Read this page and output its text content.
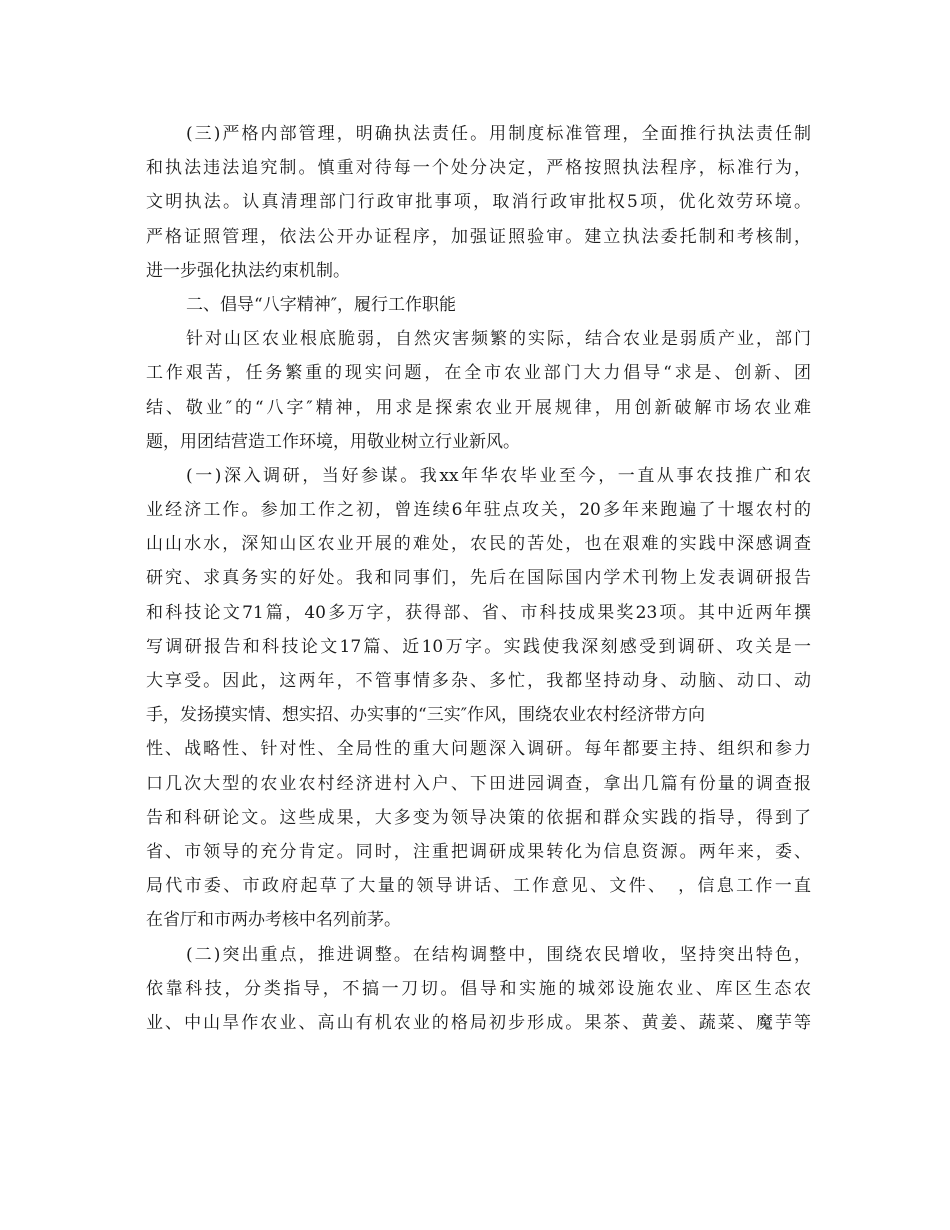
(三)严格内部管理，明确执法责任。用制度标准管理，全面推行执法责任制
和执法违法追究制。慎重对待每一个处分决定，严格按照执法程序，标准行为，
文明执法。认真清理部门行政审批事项，取消行政审批权5项，优化效劳环境。
严格证照管理，依法公开办证程序，加强证照验审。建立执法委托制和考核制，
进一步强化执法约束机制。
二、倡导“八字精神″，履行工作职能
针对山区农业根底脆弱，自然灾害频繁的实际，结合农业是弱质产业，部门
工作艰苦，任务繁重的现实问题，在全市农业部门大力倡导“求是、创新、团
结、敬业″的“八字″精神，用求是探索农业开展规律，用创新破解市场农业难
题，用团结营造工作环境，用敬业树立行业新风。
(一)深入调研，当好参谋。我xx年华农毕业至今，一直从事农技推广和农
业经济工作。参加工作之初，曾连续6年驻点攻关，20多年来跑遍了十堰农村的
山山水水，深知山区农业开展的难处，农民的苦处，也在艰难的实践中深感调查
研究、求真务实的好处。我和同事们，先后在国际国内学术刊物上发表调研报告
和科技论文71篇，40多万字，获得部、省、市科技成果奖23项。其中近两年撰
写调研报告和科技论文17篇、近10万字。实践使我深刻感受到调研、攻关是一
大享受。因此，这两年，不管事情多杂、多忙，我都坚持动身、动脑、动口、动
手，发扬摸实情、想实招、办实事的“三实″作风，围绕农业农村经济带方向
性、战略性、针对性、全局性的重大问题深入调研。每年都要主持、组织和参力
口几次大型的农业农村经济进村入户、下田进园调查，拿出几篇有份量的调查报
告和科研论文。这些成果，大多变为领导决策的依据和群众实践的指导，得到了
省、市领导的充分肯定。同时，注重把调研成果转化为信息资源。两年来，委、
局代市委、市政府起草了大量的领导讲话、工作意见、文件、　，信息工作一直
在省厅和市两办考核中名列前茅。
(二)突出重点，推进调整。在结构调整中，围绕农民增收，坚持突出特色，
依靠科技，分类指导，不搞一刀切。倡导和实施的城郊设施农业、库区生态农
业、中山旱作农业、高山有机农业的格局初步形成。果茶、黄姜、蔬菜、魔芋等
